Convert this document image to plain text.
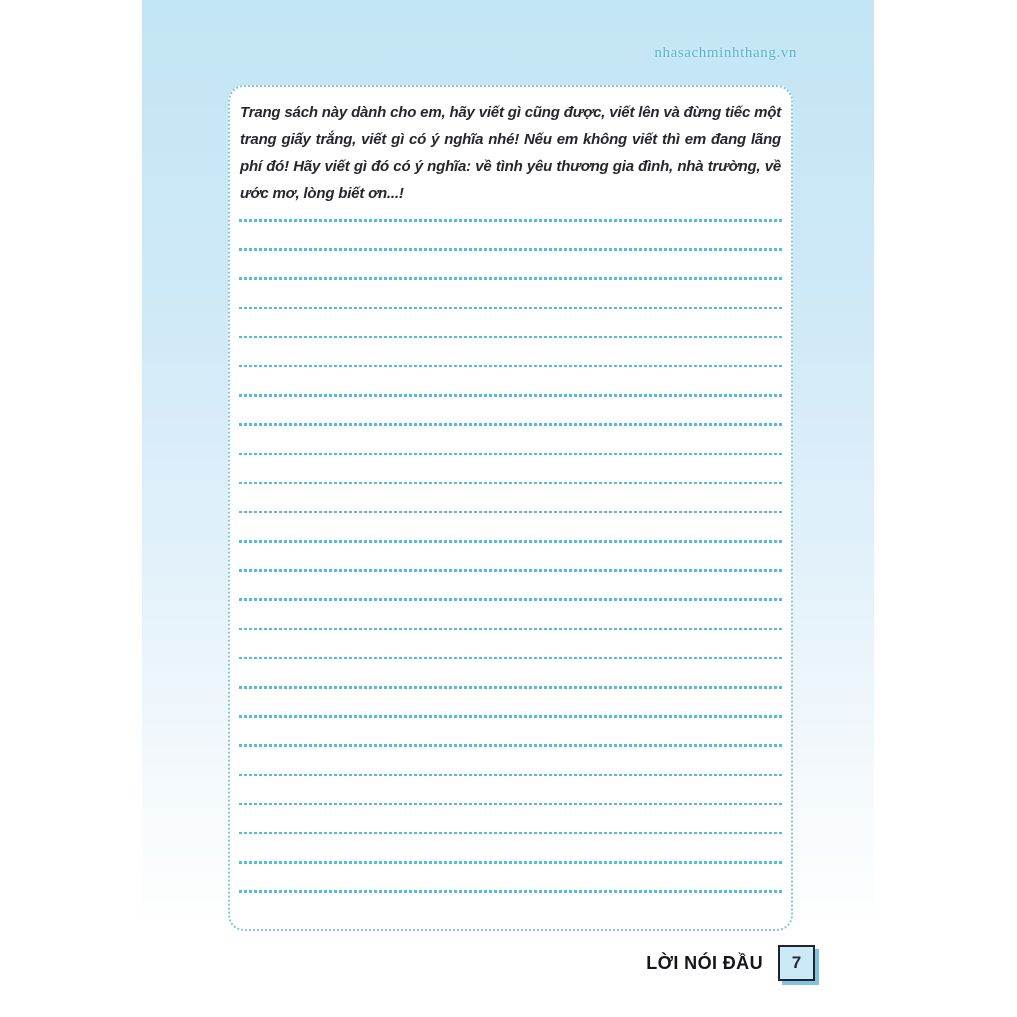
nhasachminhthang.vn

Trang sách này dành cho em, hãy viết gì cũng được, viết lên và đừng tiếc một trang giấy trắng, viết gì có ý nghĩa nhé! Nếu em không viết thì em đang lãng phí đó! Hãy viết gì đó có ý nghĩa: về tình yêu thương gia đình, nhà trường, về ước mơ, lòng biết ơn...!

LỜI NÓI ĐẦU 7
